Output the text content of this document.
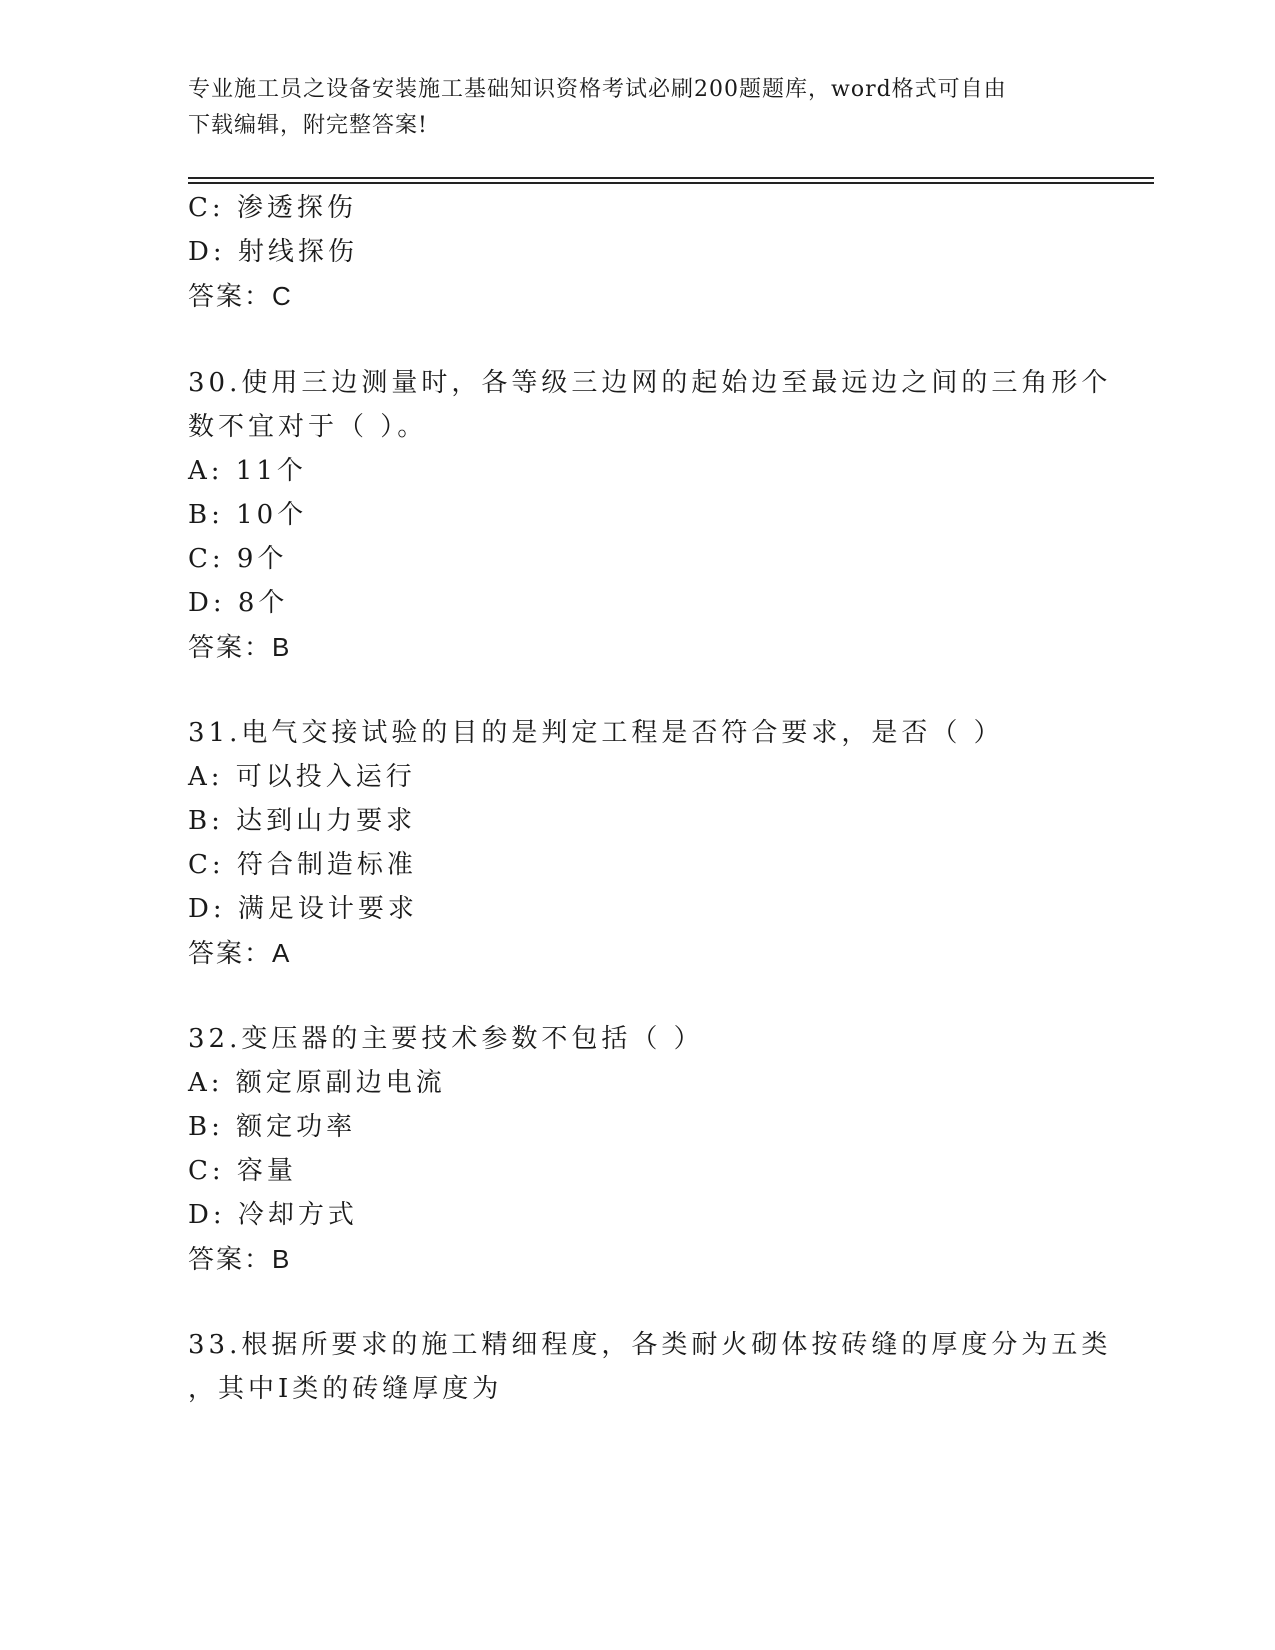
专业施工员之设备安装施工基础知识资格考试必刷200题题库，word格式可自由
下载编辑，附完整答案!
C: 渗透探伤
D: 射线探伤
答案：C
30.使用三边测量时，各等级三边网的起始边至最远边之间的三角形个
数不宜对于（ ）。
A: 11个
B: 10个
C: 9个
D: 8个
答案：B
31.电气交接试验的目的是判定工程是否符合要求，是否（ ）
A: 可以投入运行
B: 达到山力要求
C: 符合制造标准
D: 满足设计要求
答案：A
32.变压器的主要技术参数不包括（ ）
A: 额定原副边电流
B: 额定功率
C: 容量
D: 冷却方式
答案：B
33.根据所要求的施工精细程度，各类耐火砌体按砖缝的厚度分为五类
，其中I类的砖缝厚度为
